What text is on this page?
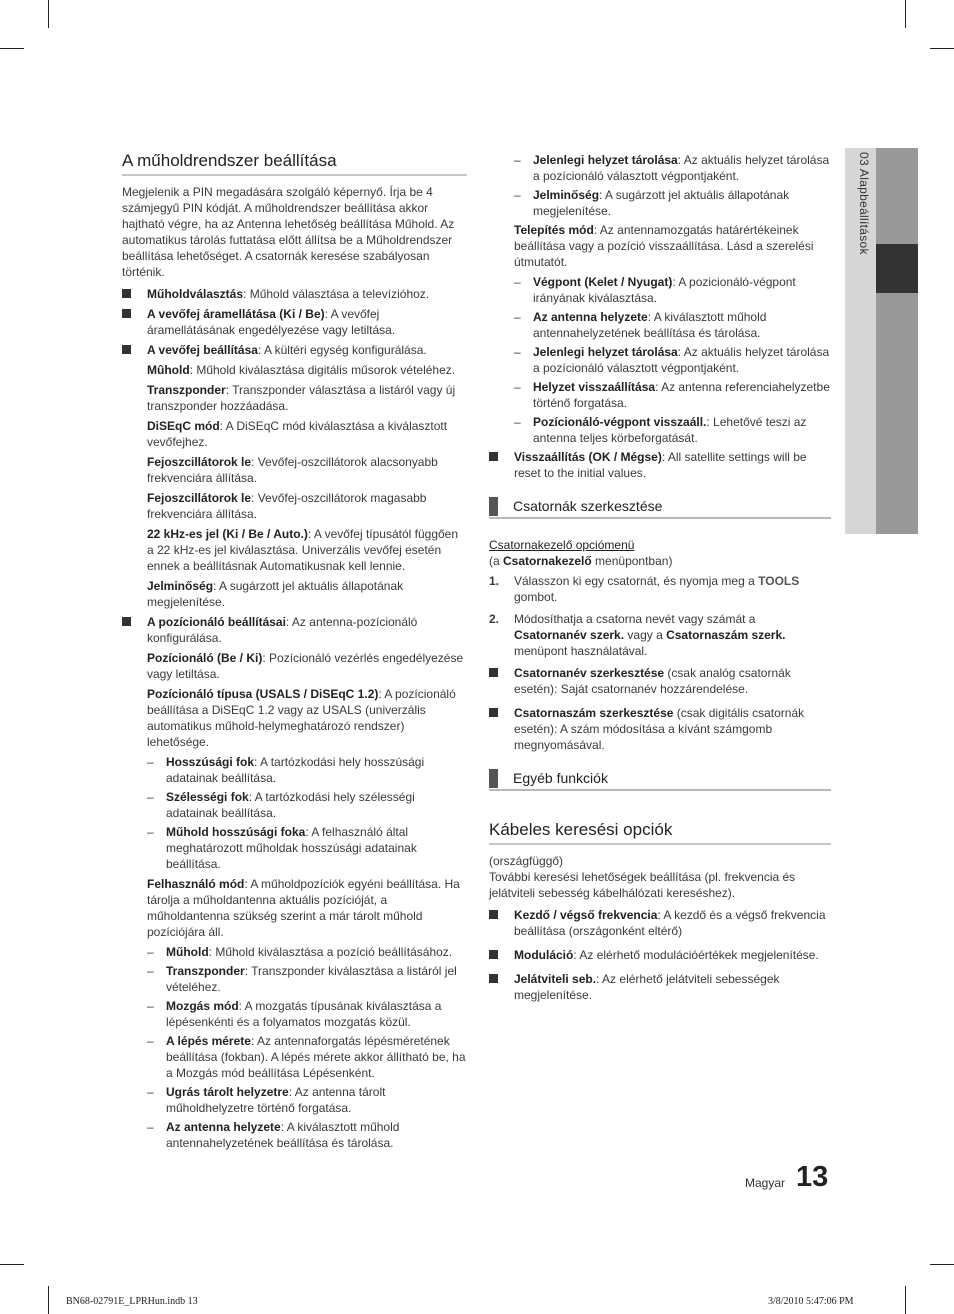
03 Alapbeállítások
A műholdrendszer beállítása

Megjelenik a PIN megadására szolgáló képernyő. Írja be 4 számjegyű PIN kódját. A műholdrendszer beállítása akkor hajtható végre, ha az Antenna lehetőség beállítása Műhold. Az automatikus tárolás futtatása előtt állítsa be a Műholdrendszer beállítása lehetőséget. A csatornák keresése szabályosan történik.

Műholdválasztás: Műhold választása a televízióhoz.
A vevőfej áramellátása (Ki / Be): A vevőfej áramellátásának engedélyezése vagy letiltása.
A vevőfej beállítása: A kültéri egység konfigurálása.
Mûhold: Műhold kiválasztása digitális műsorok vételéhez.
Transzponder: Transzponder választása a listáról vagy új transzponder hozzáadása.
DiSEqC mód: A DiSEqC mód kiválasztása a kiválasztott vevőfejhez.
Fejoszcillátorok le: Vevőfej-oszcillátorok alacsonyabb frekvenciára állítása.
Fejoszcillátorok le: Vevőfej-oszcillátorok magasabb frekvenciára állítása.
22 kHz-es jel (Ki / Be / Auto.): A vevőfej típusától függően a 22 kHz-es jel kiválasztása. Univerzális vevőfej esetén ennek a beállításnak Automatikusnak kell lennie.
Jelminőség: A sugárzott jel aktuális állapotának megjelenítése.
A pozícionáló beállításai: Az antenna-pozícionáló konfigurálása.
Pozícionáló (Be / Ki): Pozícionáló vezérlés engedélyezése vagy letiltása.
Pozícionáló típusa (USALS / DiSEqC 1.2): A pozícionáló beállítása a DiSEqC 1.2 vagy az USALS (univerzális automatikus műhold-helymeghatározó rendszer) lehetősége.
– Hosszúsági fok: A tartózkodási hely hosszúsági adatainak beállítása.
– Szélességi fok: A tartózkodási hely szélességi adatainak beállítása.
– Műhold hosszúsági foka: A felhasználó által meghatározott műholdak hosszúsági adatainak beállítása.
Felhasználó mód: A műholdpozíciók egyéni beállítása. Ha tárolja a műholdantenna aktuális pozícióját, a műholdantenna szükség szerint a már tárolt műhold pozíciójára áll.
– Műhold: Műhold kiválasztása a pozíció beállításához.
– Transzponder: Transzponder kiválasztása a listáról jel vételéhez.
– Mozgás mód: A mozgatás típusának kiválasztása a lépésenkénti és a folyamatos mozgatás közül.
– A lépés mérete: Az antennaforgatás lépésméretének beállítása (fokban). A lépés mérete akkor állítható be, ha a Mozgás mód beállítása Lépésenként.
– Ugrás tárolt helyzetre: Az antenna tárolt műholdhelyzetre történő forgatása.
– Az antenna helyzete: A kiválasztott műhold antennahelyzetének beállítása és tárolása.
– Jelenlegi helyzet tárolása: Az aktuális helyzet tárolása a pozícionáló választott végpontjaként.
– Jelminőség: A sugárzott jel aktuális állapotának megjelenítése.
Telepítés mód: Az antennamozgatás határértékeinek beállítása vagy a pozíció visszaállítása. Lásd a szerelési útmutatót.
– Végpont (Kelet / Nyugat): A pozicionáló-végpont irányának kiválasztása.
– Az antenna helyzete: A kiválasztott műhold antennahelyzetének beállítása és tárolása.
– Jelenlegi helyzet tárolása: Az aktuális helyzet tárolása a pozícionáló választott végpontjaként.
– Helyzet visszaállítása: Az antenna referenciahelyzetbe történő forgatása.
– Pozícionáló-végpont visszaáll.: Lehetővé teszi az antenna teljes körbeforgatását.
Visszaállítás (OK / Mégse): All satellite settings will be reset to the initial values.
Csatornák szerkesztése
Csatornakezelő opciómenü
(a Csatornakezelő menüpontban)
1. Válasszon ki egy csatornát, és nyomja meg a TOOLS gombot.
2. Módosíthatja a csatorna nevét vagy számát a Csatornanév szerk. vagy a Csatornaszám szerk. menüpont használatával.
Csatornanév szerkesztése (csak analóg csatornák esetén): Saját csatornanév hozzárendelése.
Csatornaszám szerkesztése (csak digitális csatornák esetén): A szám módosítása a kívánt számgomb megnyomásával.
Egyéb funkciók
Kábeles keresési opciók
(országfüggő)

További keresési lehetőségek beállítása (pl. frekvencia és jelátviteli sebesség kábelhálózati kereséshez).

Kezdő / végső frekvencia: A kezdő és a végső frekvencia beállítása (országonként eltérő)
Moduláció: Az elérhető modulációértékek megjelenítése.
Jelátviteli seb.: Az elérhető jelátviteli sebességek megjelenítése.
Magyar 13
BN68-02791E_LPRHun.indb 13	3/8/2010 5:47:06 PM
